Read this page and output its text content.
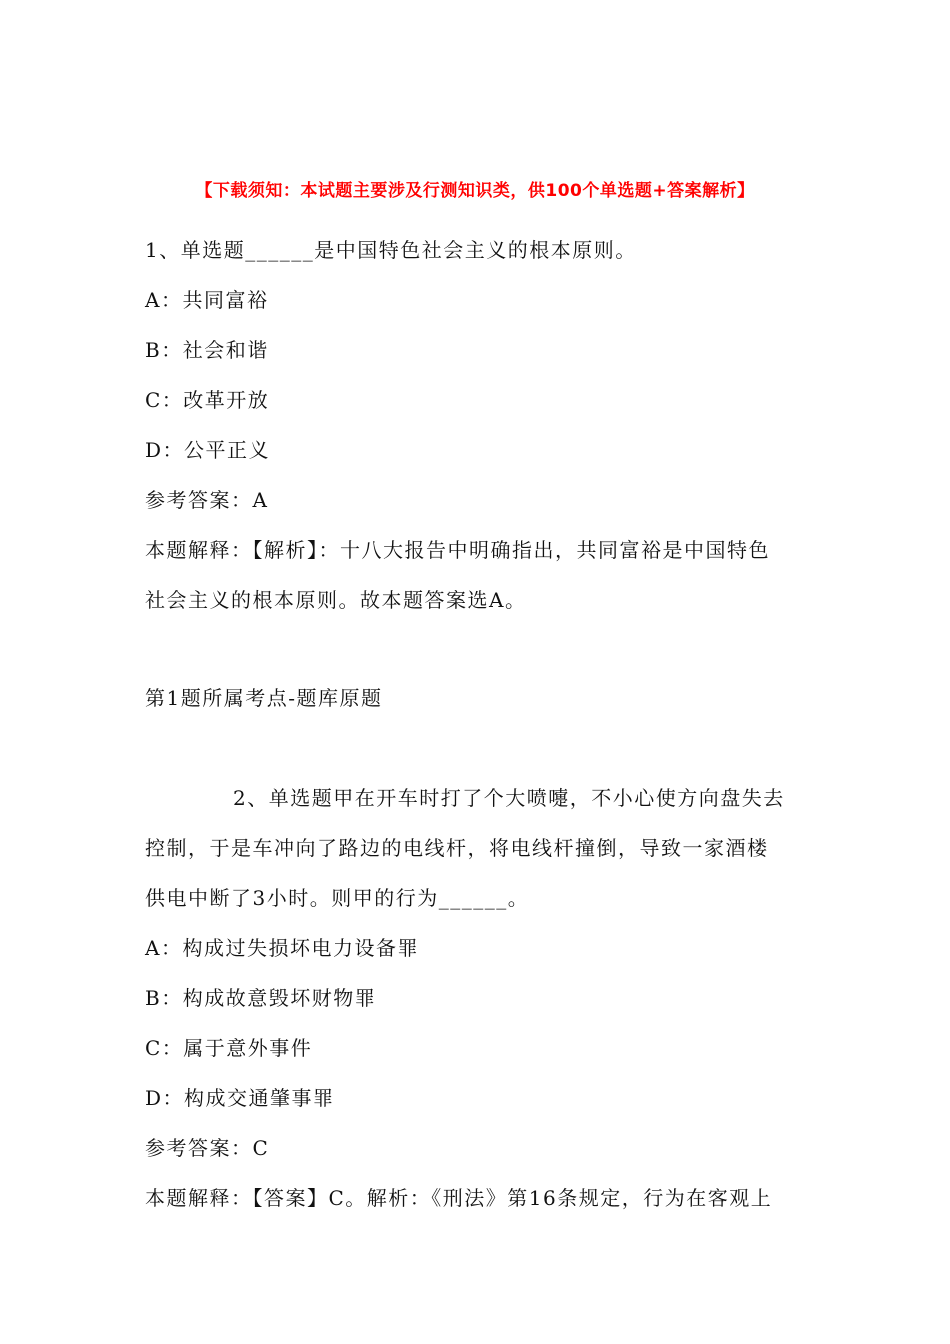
【下载须知：本试题主要涉及行测知识类，供100个单选题+答案解析】
1、单选题______是中国特色社会主义的根本原则。
A：共同富裕
B：社会和谐
C：改革开放
D：公平正义
参考答案：A
本题解释：【解析】：十八大报告中明确指出，共同富裕是中国特色
社会主义的根本原则。故本题答案选A。
第1题所属考点-题库原题
2、单选题甲在开车时打了个大喷嚏，不小心使方向盘失去
控制，于是车冲向了路边的电线杆，将电线杆撞倒，导致一家酒楼
供电中断了3小时。则甲的行为______。
A：构成过失损坏电力设备罪
B：构成故意毁坏财物罪
C：属于意外事件
D：构成交通肇事罪
参考答案：C
本题解释：【答案】C。解析：《刑法》第16条规定，行为在客观上
